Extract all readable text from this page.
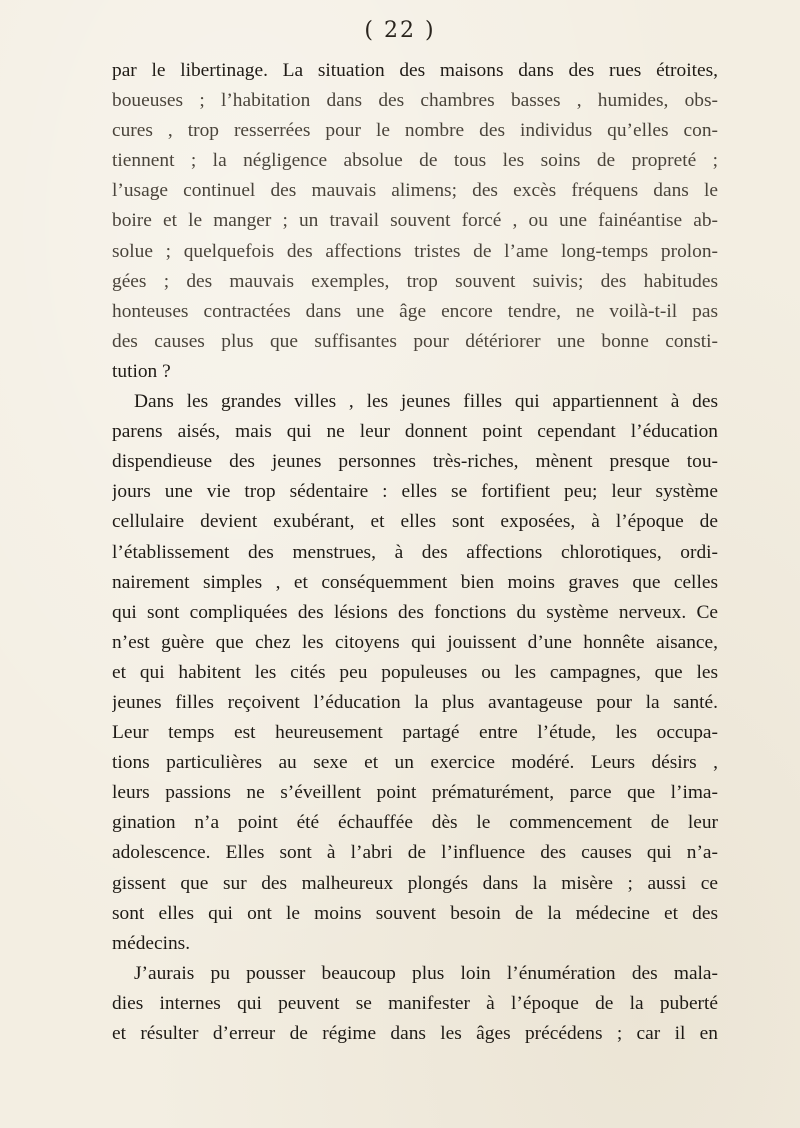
( 22 )
par le libertinage. La situation des maisons dans des rues étroites,
boueuses ; l’habitation dans des chambres basses , humides, obs-
cures , trop resserrées pour le nombre des individus qu’elles con-
tiennent ; la négligence absolue de tous les soins de propreté ;
l’usage continuel des mauvais alimens; des excès fréquens dans le
boire et le manger ; un travail souvent forcé , ou une fainéantise ab-
solue ; quelquefois des affections tristes de l’ame long-temps prolon-
gées ; des mauvais exemples, trop souvent suivis; des habitudes
honteuses contractées dans une âge encore tendre, ne voilà-t-il pas
des causes plus que suffisantes pour détériorer une bonne consti-
tution ?
Dans les grandes villes , les jeunes filles qui appartiennent à des
parens aisés, mais qui ne leur donnent point cependant l’éducation
dispendieuse des jeunes personnes très-riches, mènent presque tou-
jours une vie trop sédentaire : elles se fortifient peu; leur système
cellulaire devient exubérant, et elles sont exposées, à l’époque de
l’établissement des menstrues, à des affections chlorotiques, ordi-
nairement simples , et conséquemment bien moins graves que celles
qui sont compliquées des lésions des fonctions du système nerveux. Ce
n’est guère que chez les citoyens qui jouissent d’une honnête aisance,
et qui habitent les cités peu populeuses ou les campagnes, que les
jeunes filles reçoivent l’éducation la plus avantageuse pour la santé.
Leur temps est heureusement partagé entre l’étude, les occupa-
tions particulières au sexe et un exercice modéré. Leurs désirs ,
leurs passions ne s’éveillent point prématurément, parce que l’ima-
gination n’a point été échauffée dès le commencement de leur
adolescence. Elles sont à l’abri de l’influence des causes qui n’a-
gissent que sur des malheureux plongés dans la misère ; aussi ce
sont elles qui ont le moins souvent besoin de la médecine et des
médecins.
J’aurais pu pousser beaucoup plus loin l’énumération des mala-
dies internes qui peuvent se manifester à l’époque de la puberté
et résulter d’erreur de régime dans les âges précédens ; car il en
